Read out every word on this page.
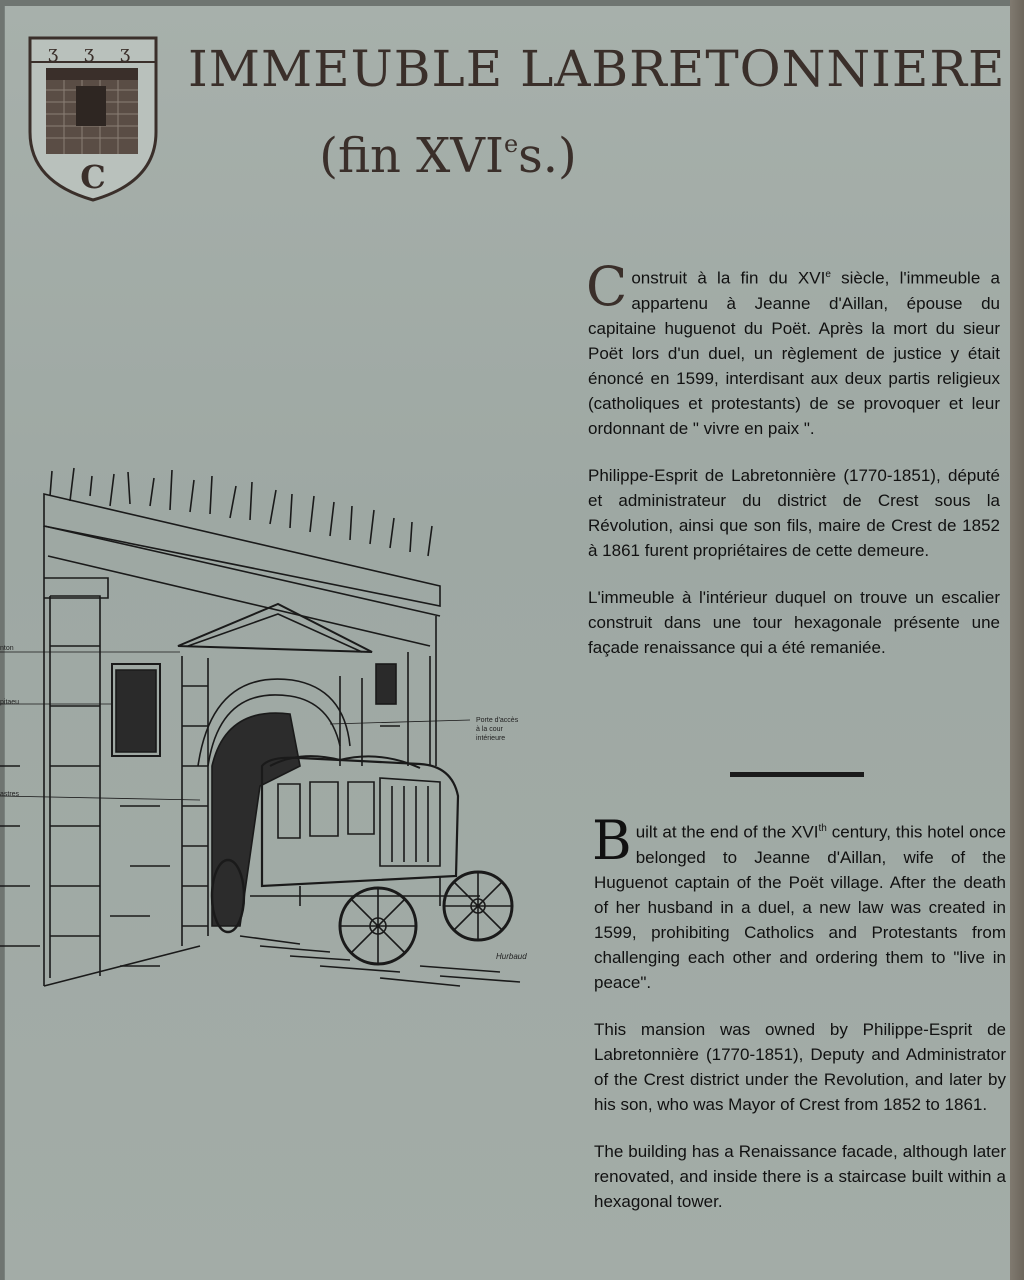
ʒ ʒ ʒ
C
IMMEUBLE LABRETONNIERE
(fin XVIes.)

Construit à la fin du XVIe siècle, l'immeuble a appartenu à Jeanne d'Aillan, épouse du capitaine huguenot du Poët. Après la mort du sieur Poët lors d'un duel, un règlement de justice y était énoncé en 1599, interdisant aux deux partis religieux (catholiques et protestants) de se provoquer et leur ordonnant de " vivre en paix ".

Philippe-Esprit de Labretonnière (1770-1851), député et administrateur du district de Crest sous la Révolution, ainsi que son fils, maire de Crest de 1852 à 1861 furent propriétaires de cette demeure.

L'immeuble à l'intérieur duquel on trouve un escalier construit dans une tour hexagonale présente une façade renaissance qui a été remaniée.

Built at the end of the XVIth century, this hotel once belonged to Jeanne d'Aillan, wife of the Huguenot captain of the Poët village. After the death of her husband in a duel, a new law was created in 1599, prohibiting Catholics and Protestants from challenging each other and ordering them to "live in peace".

This mansion was owned by Philippe-Esprit de Labretonnière (1770-1851), Deputy and Administrator of the Crest district under the Revolution, and later by his son, who was Mayor of Crest from 1852 to 1861.

The building has a Renaissance facade, although later renovated, and inside there is a staircase built within a hexagonal tower.

nton
pitaeu
astres
Porte d'accès
à la cour
intérieure
Hurbaud
